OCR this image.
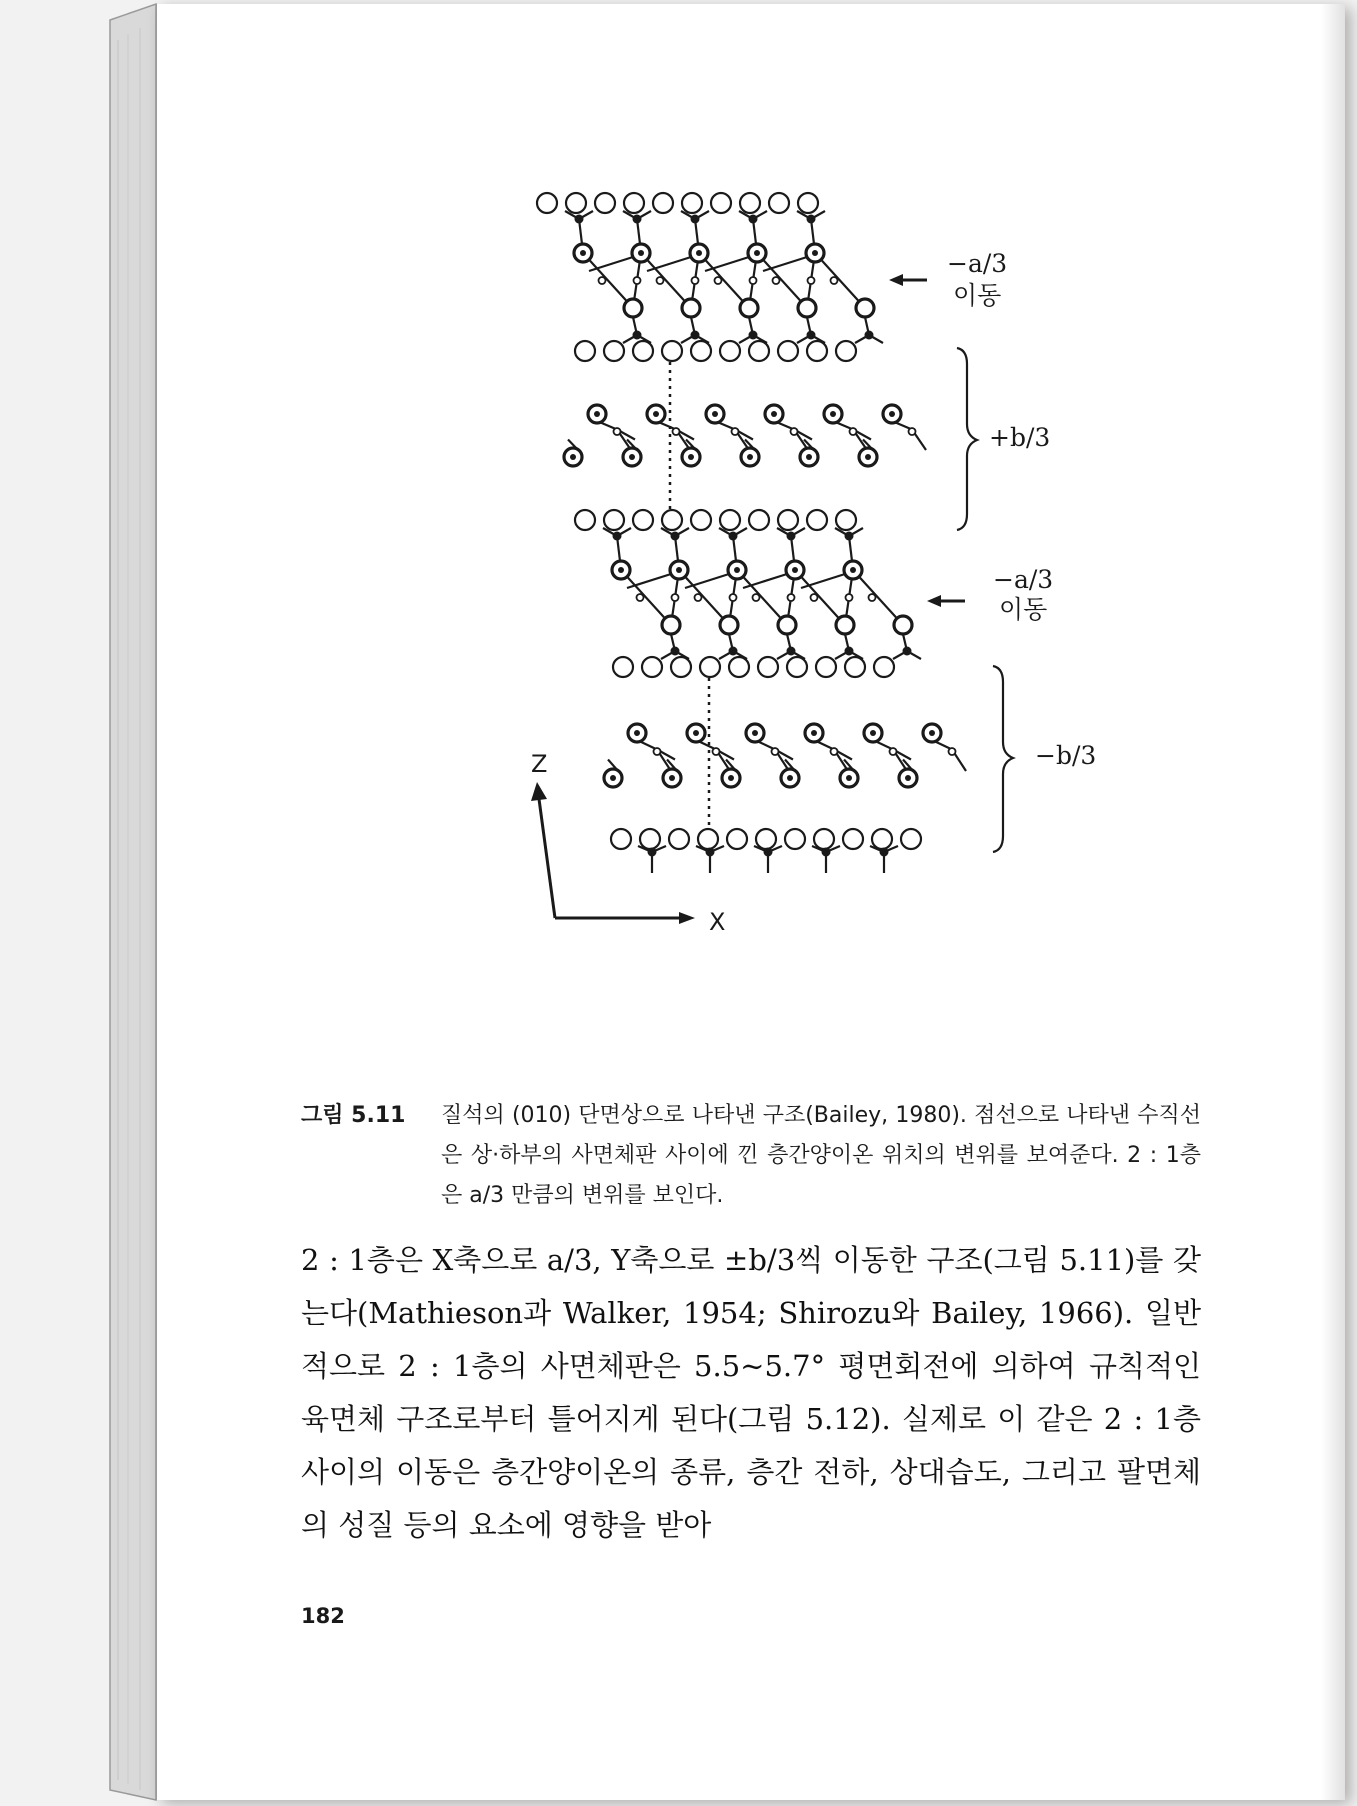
−a/3
이동
+b/3
−a/3
이동
−b/3
Z
X
그림 5.11	질석의 (010) 단면상으로 나타낸 구조(Bailey, 1980). 점선으로 나타낸 수직선은 상·하부의 사면체판 사이에 낀 층간양이온 위치의 변위를 보여준다. 2 : 1층은 a/3 만큼의 변위를 보인다.
2 : 1층은 X축으로 a/3, Y축으로 ±b/3씩 이동한 구조(그림 5.11)를 갖는다(Mathieson과 Walker, 1954; Shirozu와 Bailey, 1966). 일반적으로 2 : 1층의 사면체판은 5.5∼5.7° 평면회전에 의하여 규칙적인 육면체 구조로부터 틀어지게 된다(그림 5.12). 실제로 이 같은 2 : 1층 사이의 이동은 층간양이온의 종류, 층간 전하, 상대습도, 그리고 팔면체의 성질 등의 요소에 영향을 받아
182
